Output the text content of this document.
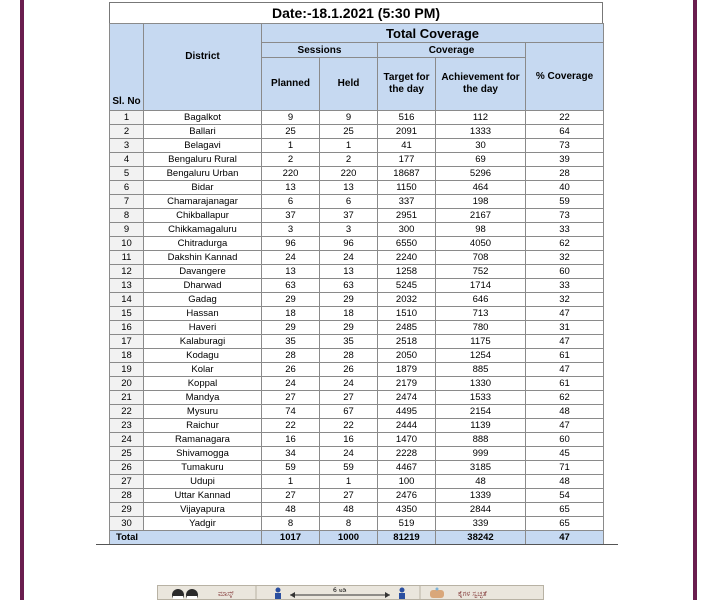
Date:-18.1.2021 (5:30 PM)
Sl. No	District	Total Coverage				
		Sessions		Coverage		% Coverage
		Planned	Held	Target for the day	Achievement for the day	
1	Bagalkot	9	9	516	112	22
2	Ballari	25	25	2091	1333	64
3	Belagavi	1	1	41	30	73
4	Bengaluru Rural	2	2	177	69	39
5	Bengaluru Urban	220	220	18687	5296	28
6	Bidar	13	13	1150	464	40
7	Chamarajanagar	6	6	337	198	59
8	Chikballapur	37	37	2951	2167	73
9	Chikkamagaluru	3	3	300	98	33
10	Chitradurga	96	96	6550	4050	62
11	Dakshin Kannad	24	24	2240	708	32
12	Davangere	13	13	1258	752	60
13	Dharwad	63	63	5245	1714	33
14	Gadag	29	29	2032	646	32
15	Hassan	18	18	1510	713	47
16	Haveri	29	29	2485	780	31
17	Kalaburagi	35	35	2518	1175	47
18	Kodagu	28	28	2050	1254	61
19	Kolar	26	26	1879	885	47
20	Koppal	24	24	2179	1330	61
21	Mandya	27	27	2474	1533	62
22	Mysuru	74	67	4495	2154	48
23	Raichur	22	22	2444	1139	47
24	Ramanagara	16	16	1470	888	60
25	Shivamogga	34	24	2228	999	45
26	Tumakuru	59	59	4467	3185	71
27	Udupi	1	1	100	48	48
28	Uttar Kannad	27	27	2476	1339	54
29	Vijayapura	48	48	4350	2844	65
30	Yadgir	8	8	519	339	65
Total		1017	1000	81219	38242	47
ಮಾಸ್ಕ್	6 ಅಡಿ	ಕೈಗಳ ಸ್ವಚ್ಛತೆ
